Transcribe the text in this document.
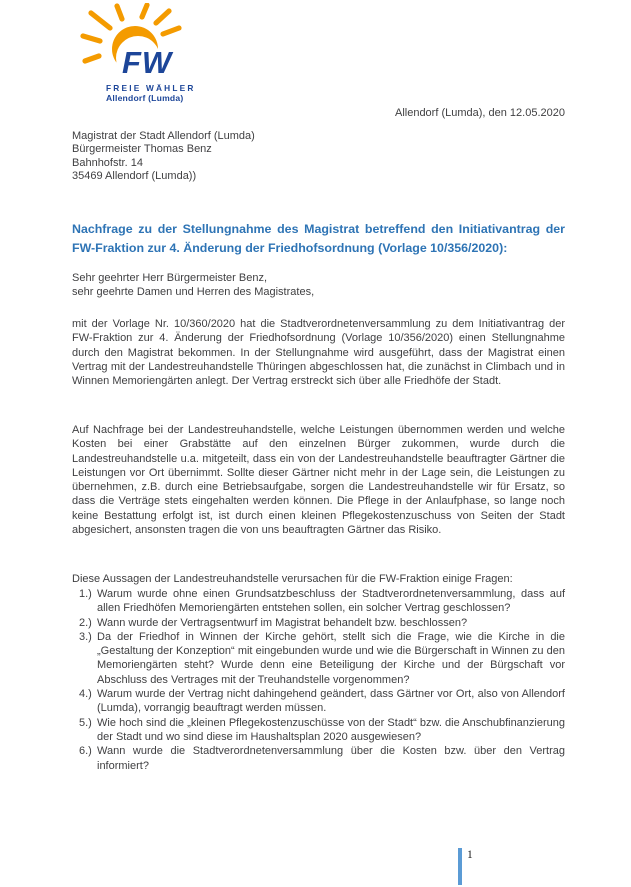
FW
FREIE WÄHLER
Allendorf (Lumda)
Allendorf (Lumda), den 12.05.2020
Magistrat der Stadt Allendorf (Lumda)
Bürgermeister Thomas Benz
Bahnhofstr. 14
35469 Allendorf (Lumda))
Nachfrage zu der Stellungnahme des Magistrat betreffend den Initiativantrag der FW-Fraktion zur 4. Änderung der Friedhofsordnung (Vorlage 10/356/2020):
Sehr geehrter Herr Bürgermeister Benz,
sehr geehrte Damen und Herren des Magistrates,
mit der Vorlage Nr. 10/360/2020 hat die Stadtverordnetenversammlung zu dem Initiativantrag der FW-Fraktion zur 4. Änderung der Friedhofsordnung (Vorlage 10/356/2020) einen Stellungnahme durch den Magistrat bekommen. In der Stellungnahme wird ausgeführt, dass der Magistrat einen Vertrag mit der Landestreuhandstelle Thüringen abgeschlossen hat, die zunächst in Climbach und in Winnen Memoriengärten anlegt. Der Vertrag erstreckt sich über alle Friedhöfe der Stadt.
Auf Nachfrage bei der Landestreuhandstelle, welche Leistungen übernommen werden und welche Kosten bei einer Grabstätte auf den einzelnen Bürger zukommen, wurde durch die Landestreuhandstelle u.a. mitgeteilt, dass ein von der Landestreuhandstelle beauftragter Gärtner die Leistungen vor Ort übernimmt. Sollte dieser Gärtner nicht mehr in der Lage sein, die Leistungen zu übernehmen, z.B. durch eine Betriebsaufgabe, sorgen die Landestreuhandstelle wir für Ersatz, so dass die Verträge stets eingehalten werden können. Die Pflege in der Anlaufphase, so lange noch keine Bestattung erfolgt ist, ist durch einen kleinen Pflegekostenzuschuss von Seiten der Stadt abgesichert, ansonsten tragen die von uns beauftragten Gärtner das Risiko.
Diese Aussagen der Landestreuhandstelle verursachen für die FW-Fraktion einige Fragen:
1.) Warum wurde ohne einen Grundsatzbeschluss der Stadtverordnetenversammlung, dass auf allen Friedhöfen Memoriengärten entstehen sollen, ein solcher Vertrag geschlossen?
2.) Wann wurde der Vertragsentwurf im Magistrat behandelt bzw. beschlossen?
3.) Da der Friedhof in Winnen der Kirche gehört, stellt sich die Frage, wie die Kirche in die „Gestaltung der Konzeption“ mit eingebunden wurde und wie die Bürgerschaft in Winnen zu den Memoriengärten steht? Wurde denn eine Beteiligung der Kirche und der Bürgschaft vor Abschluss des Vertrages mit der Treuhandstelle vorgenommen?
4.) Warum wurde der Vertrag nicht dahingehend geändert, dass Gärtner vor Ort, also von Allendorf (Lumda), vorrangig beauftragt werden müssen.
5.) Wie hoch sind die „kleinen Pflegekostenzuschüsse von der Stadt“ bzw. die Anschubfinanzierung der Stadt und wo sind diese im Haushaltsplan 2020 ausgewiesen?
6.) Wann wurde die Stadtverordnetenversammlung über die Kosten bzw. über den Vertrag informiert?
1
